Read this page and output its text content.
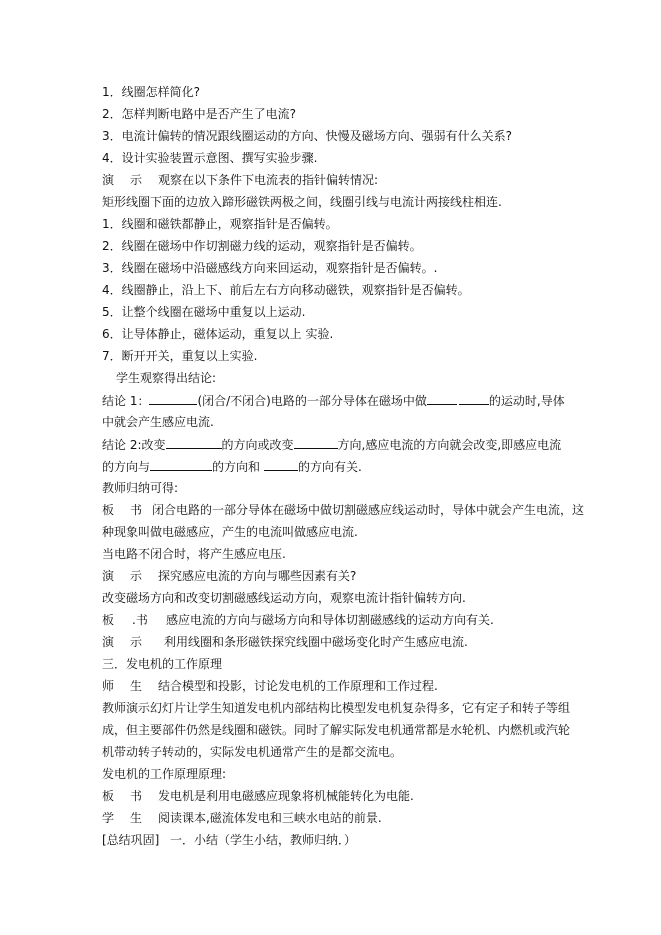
1．线圈怎样简化?
2．怎样判断电路中是否产生了电流?
3．电流计偏转的情况跟线圈运动的方向、快慢及磁场方向、强弱有什么关系?
4．设计实验装置示意图、撰写实验步骤.
演 示 观察在以下条件下电流表的指针偏转情况:
矩形线圈下面的边放入蹄形磁铁两极之间，线圈引线与电流计两接线柱相连.
1．线圈和磁铁都静止，观察指针是否偏转。
2．线圈在磁场中作切割磁力线的运动，观察指针是否偏转。
3．线圈在磁场中沿磁感线方向来回运动，观察指针是否偏转。.
4．线圈静止，沿上下、前后左右方向移动磁铁，观察指针是否偏转。
5．让整个线圈在磁场中重复以上运动.
6．让导体静止，磁体运动，重复以上 实验.
7．断开开关，重复以上实验.
学生观察得出结论:
结论 1：	(闭合/不闭合)电路的一部分导体在磁场中做	的运动时,导体
中就会产生感应电流.
结论 2:改变	的方向或改变	方向,感应电流的方向就会改变,即感应电流
的方向与	的方向和	的方向有关.
教师归纳可得:
板 书 闭合电路的一部分导体在磁场中做切割磁感应线运动时，导体中就会产生电流，这
种现象叫做电磁感应，产生的电流叫做感应电流.
当电路不闭合时，将产生感应电压.
演 示 探究感应电流的方向与哪些因素有关?
改变磁场方向和改变切割磁感线运动方向，观察电流计指针偏转方向.
板 .书 感应电流的方向与磁场方向和导体切割磁感线的运动方向有关.
演 示 利用线圈和条形磁铁探究线圈中磁场变化时产生感应电流.
三．发电机的工作原理
师 生 结合模型和投影，讨论发电机的工作原理和工作过程.
教师演示幻灯片让学生知道发电机内部结构比模型发电机复杂得多，它有定子和转子等组
成，但主要部件仍然是线圈和磁铁。同时了解实际发电机通常都是水轮机、内燃机或汽轮
机带动转子转动的，实际发电机通常产生的是都交流电。
发电机的工作原理原理:
板 书 发电机是利用电磁感应现象将机械能转化为电能.
学 生 阅读课本,磁流体发电和三峡水电站的前景.
[总结巩固] 一．小结（学生小结，教师归纳．）
